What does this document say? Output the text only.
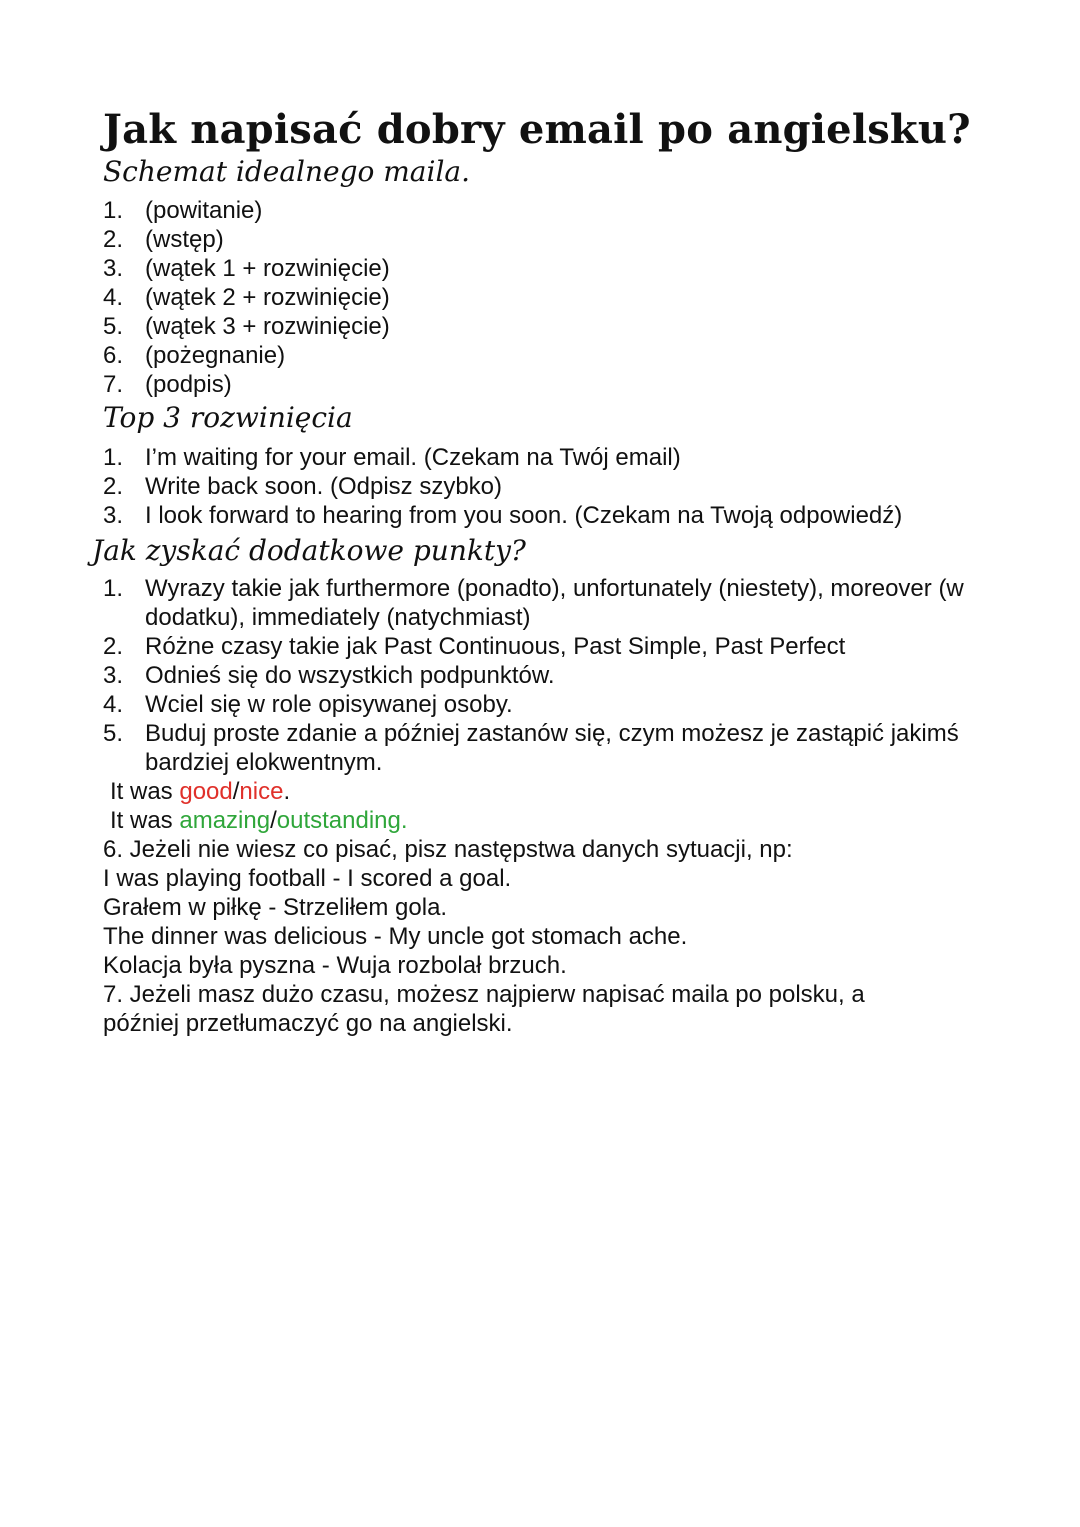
Jak napisać dobry email po angielsku?
Schemat idealnego maila.
1. (powitanie)
2. (wstęp)
3. (wątek 1 + rozwinięcie)
4. (wątek 2 + rozwinięcie)
5. (wątek 3 + rozwinięcie)
6. (pożegnanie)
7. (podpis)
Top 3 rozwinięcia
1. I’m waiting for your email. (Czekam na Twój email)
2. Write back soon. (Odpisz szybko)
3. I look forward to hearing from you soon. (Czekam na Twoją odpowiedź)
Jak zyskać dodatkowe punkty?
1. Wyrazy takie jak furthermore (ponadto), unfortunately (niestety), moreover (w dodatku), immediately (natychmiast)
2. Różne czasy takie jak Past Continuous, Past Simple, Past Perfect
3. Odnieś się do wszystkich podpunktów.
4. Wciel się w role opisywanej osoby.
5. Buduj proste zdanie a później zastanów się, czym możesz je zastąpić jakimś bardziej elokwentnym.

It was good/nice.

It was amazing/outstanding.

6. Jeżeli nie wiesz co pisać, pisz następstwa danych sytuacji, np:

I was playing football - I scored a goal.

Grałem w piłkę - Strzeliłem gola.

The dinner was delicious - My uncle got stomach ache.

Kolacja była pyszna - Wuja rozbolał brzuch.

7. Jeżeli masz dużo czasu, możesz najpierw napisać maila po polsku, a

później przetłumaczyć go na angielski.
